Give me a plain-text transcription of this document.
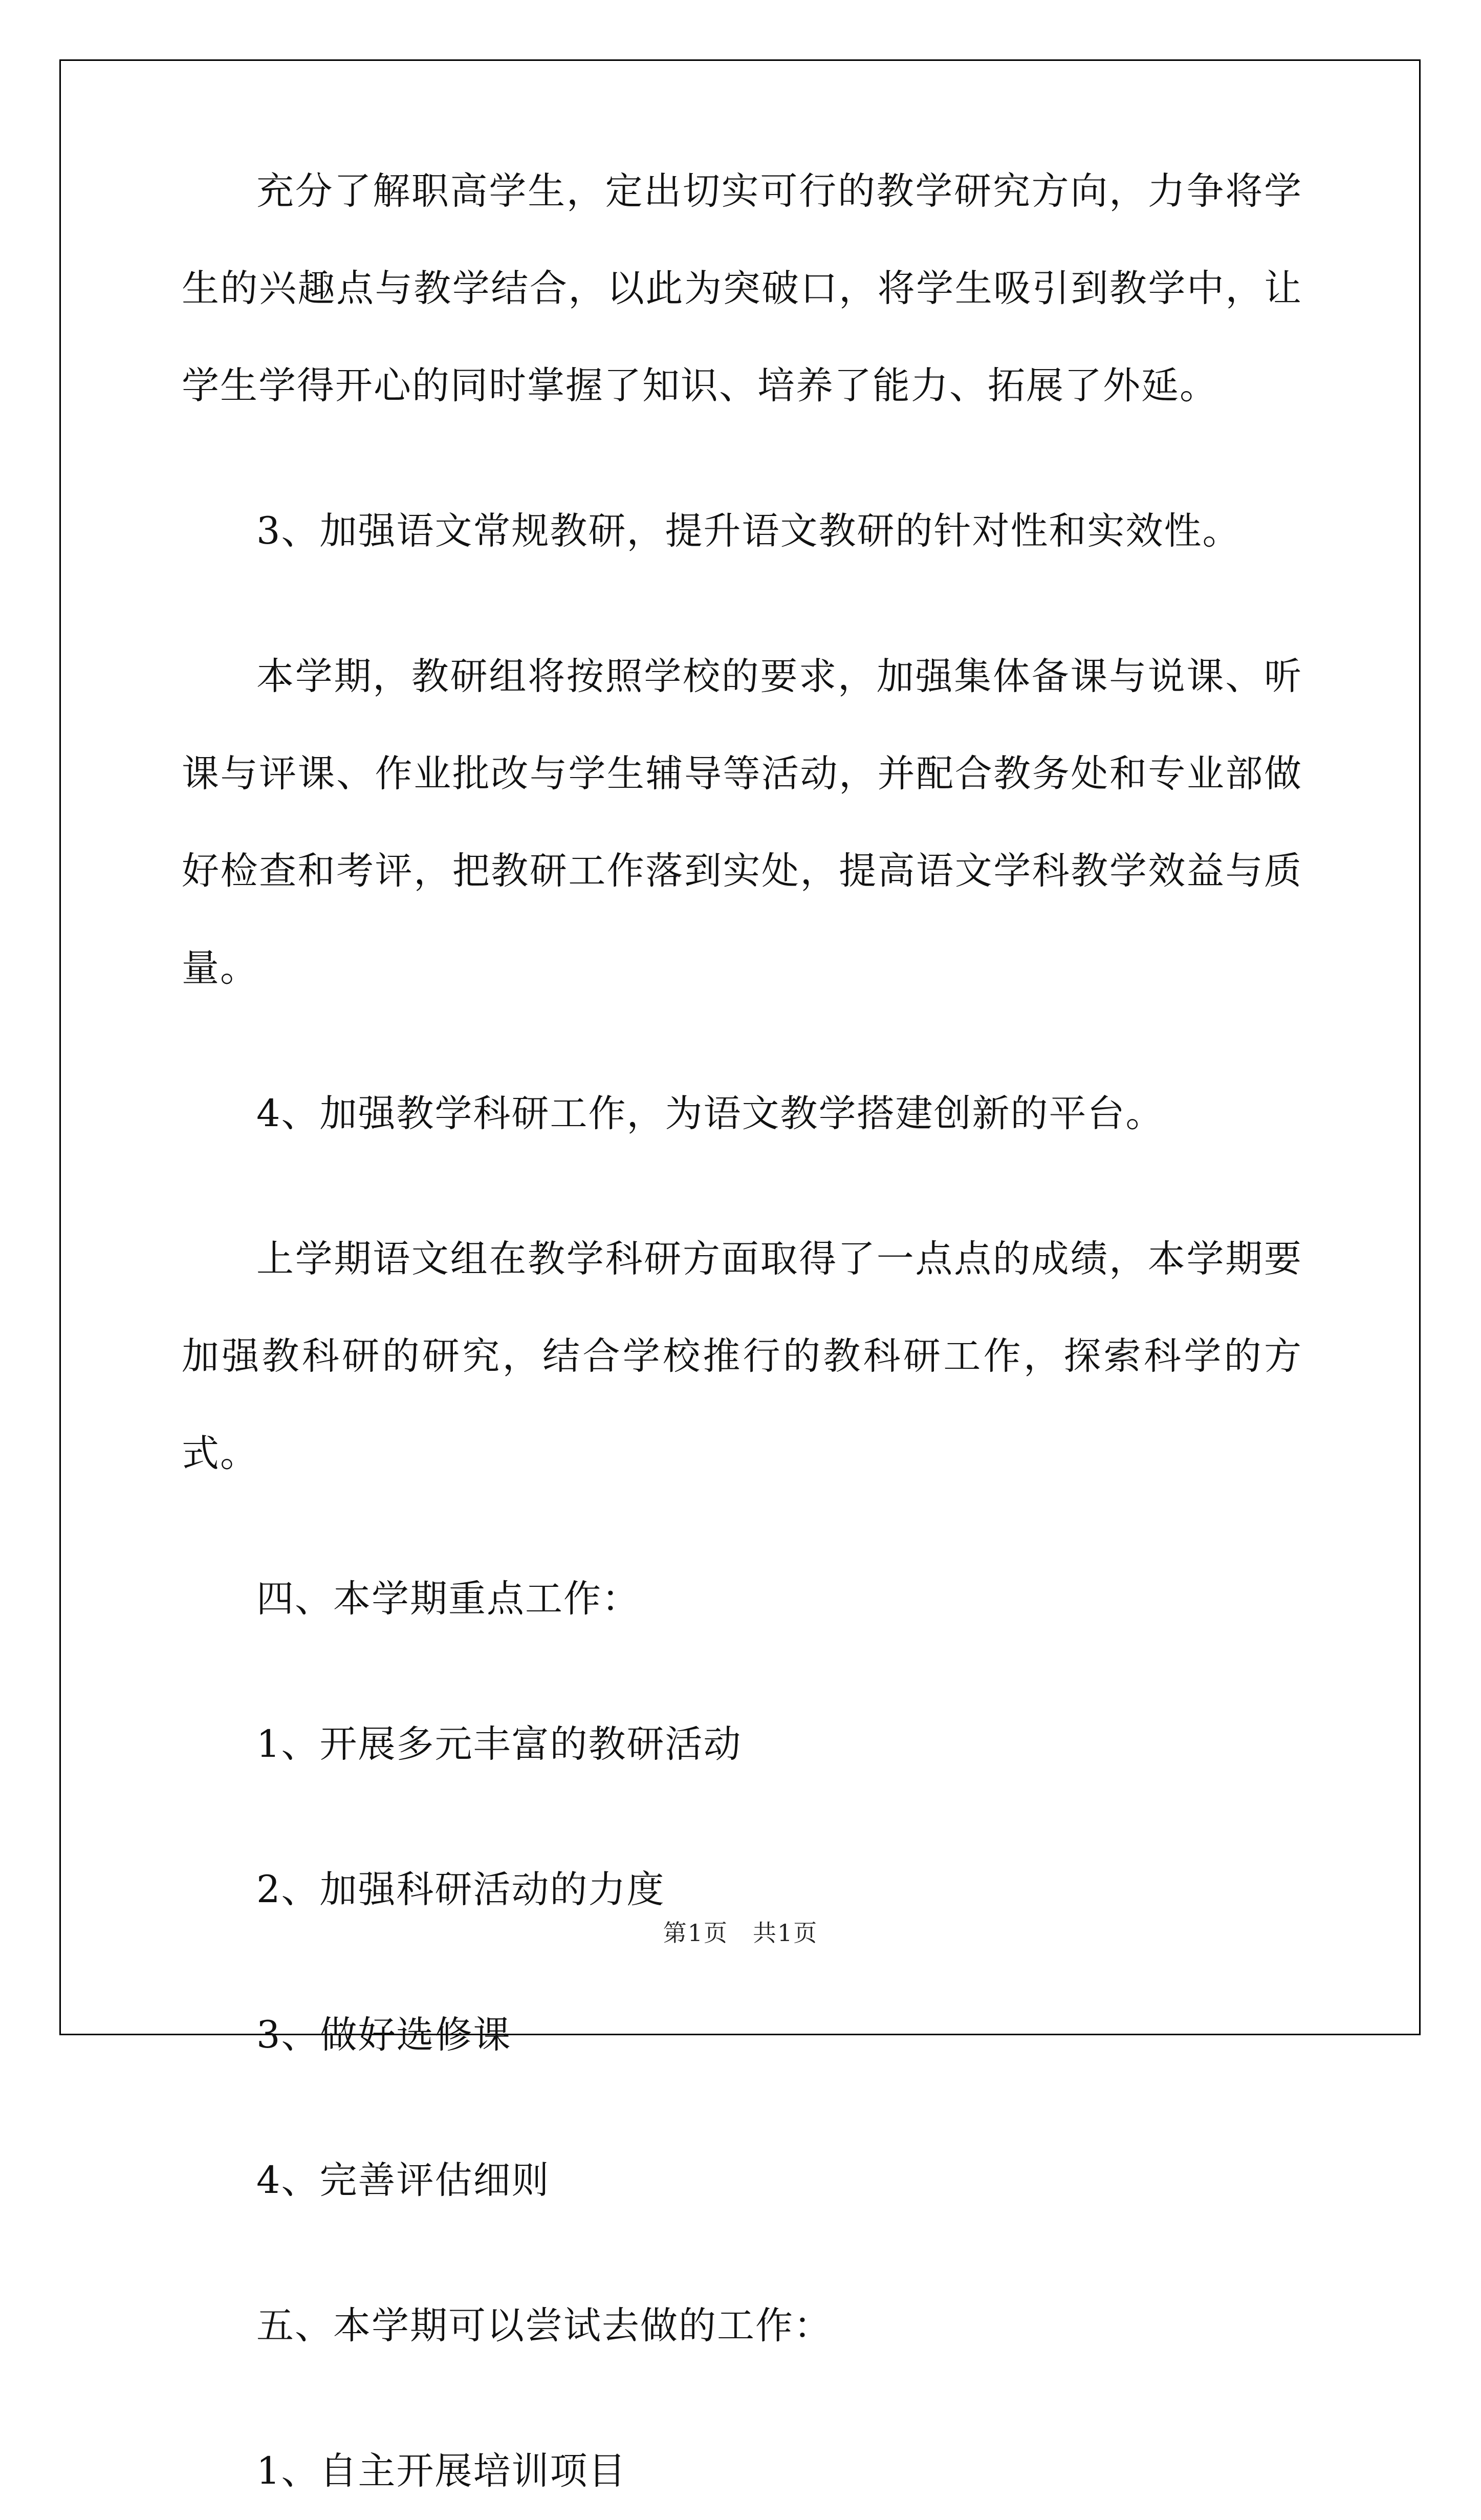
充分了解职高学生，定出切实可行的教学研究方向，力争将学生的兴趣点与教学结合，以此为突破口，将学生吸引到教学中，让学生学得开心的同时掌握了知识、培养了能力、拓展了外延。

3、加强语文常规教研，提升语文教研的针对性和实效性。

本学期，教研组将按照学校的要求，加强集体备课与说课、听课与评课、作业批改与学生辅导等活动，并配合教务处和专业部做好检查和考评，把教研工作落到实处，提高语文学科教学效益与质量。

4、加强教学科研工作，为语文教学搭建创新的平台。

上学期语文组在教学科研方面取得了一点点的成绩，本学期要加强教科研的研究，结合学校推行的教科研工作，探索科学的方式。

四、本学期重点工作：

1、开展多元丰富的教研活动

2、加强科研活动的力度

3、做好选修课

4、完善评估细则

五、本学期可以尝试去做的工作：

1、自主开展培训项目

第1页　共1页
